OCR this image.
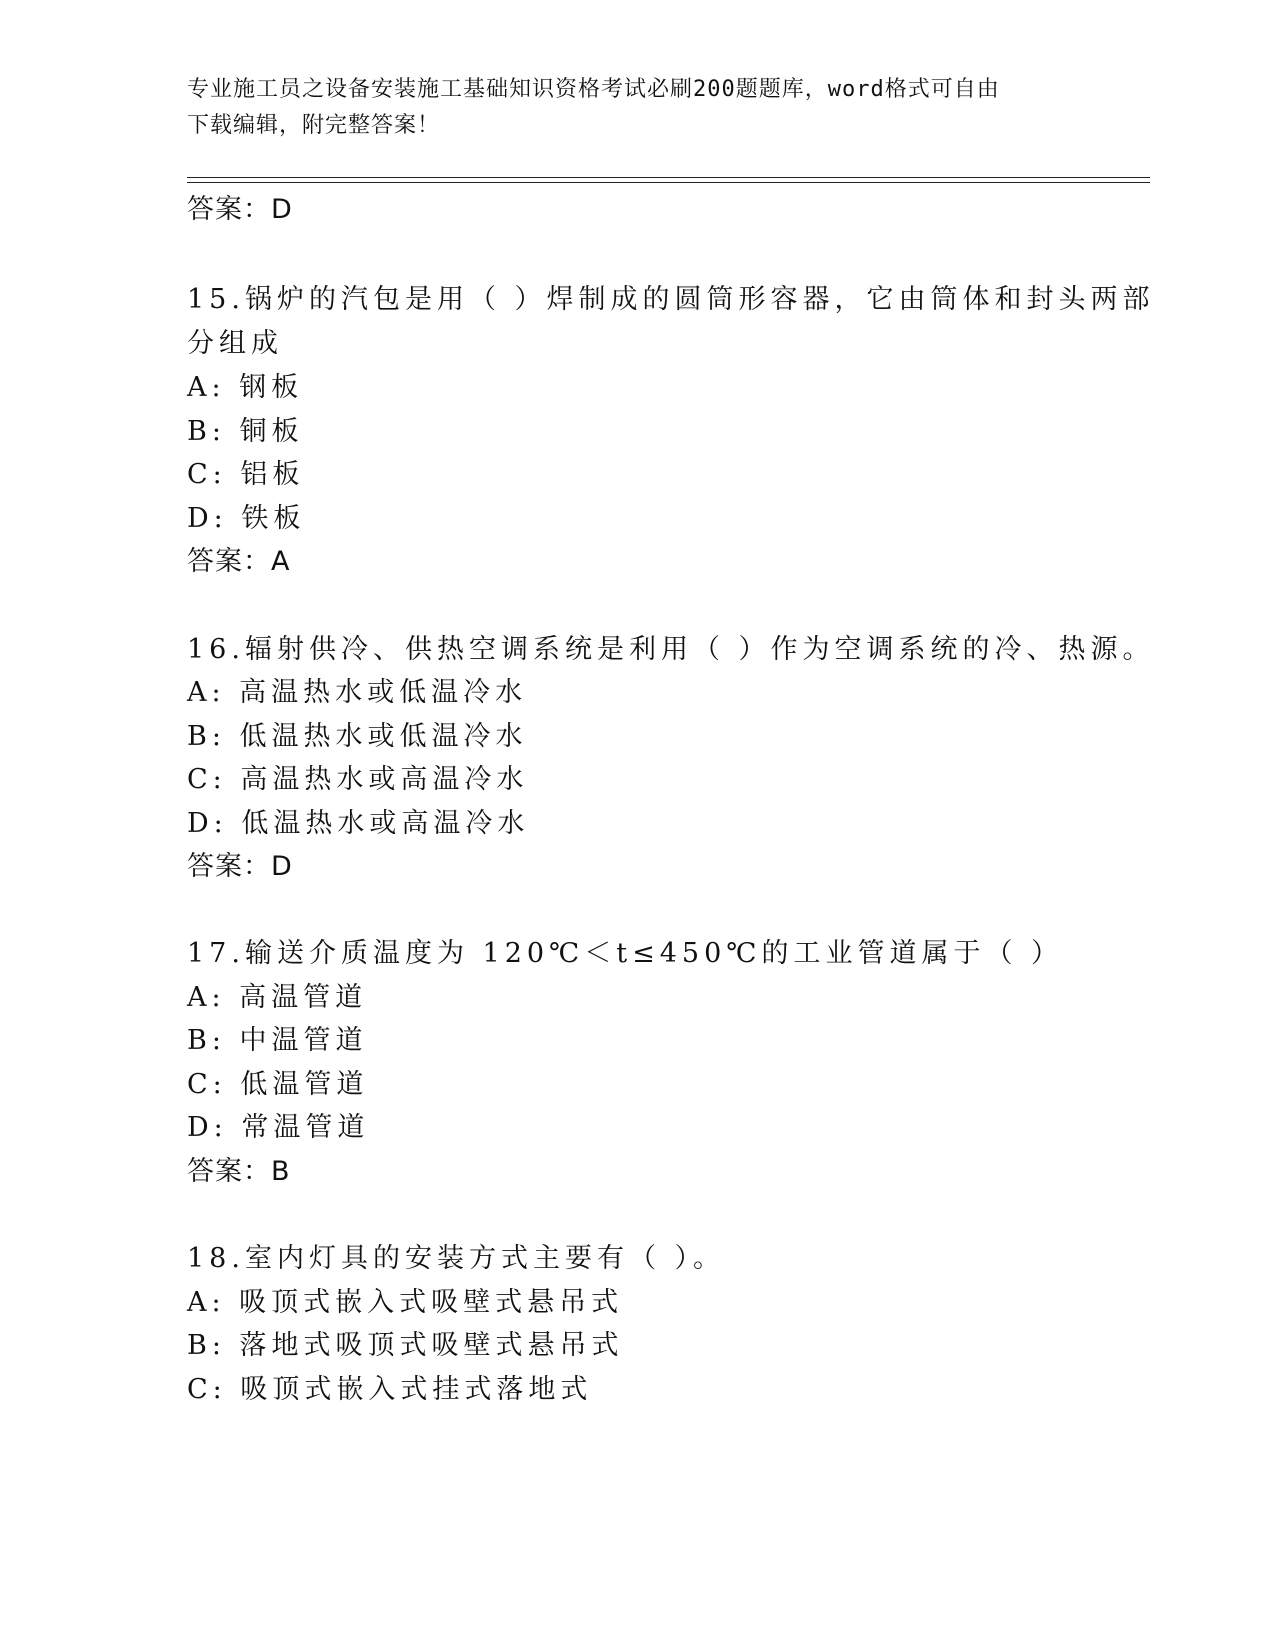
专业施工员之设备安装施工基础知识资格考试必刷200题题库，word格式可自由
下载编辑，附完整答案！
答案：D
15.锅炉的汽包是用（ ）焊制成的圆筒形容器，它由筒体和封头两部
分组成
A: 钢板
B: 铜板
C: 铝板
D: 铁板
答案：A
16.辐射供冷、供热空调系统是利用（ ）作为空调系统的冷、热源。
A: 高温热水或低温冷水
B: 低温热水或低温冷水
C: 高温热水或高温冷水
D: 低温热水或高温冷水
答案：D
17.输送介质温度为 120℃＜t≤450℃的工业管道属于（ ）
A: 高温管道
B: 中温管道
C: 低温管道
D: 常温管道
答案：B
18.室内灯具的安装方式主要有（ ）。
A: 吸顶式嵌入式吸壁式悬吊式
B: 落地式吸顶式吸壁式悬吊式
C: 吸顶式嵌入式挂式落地式
